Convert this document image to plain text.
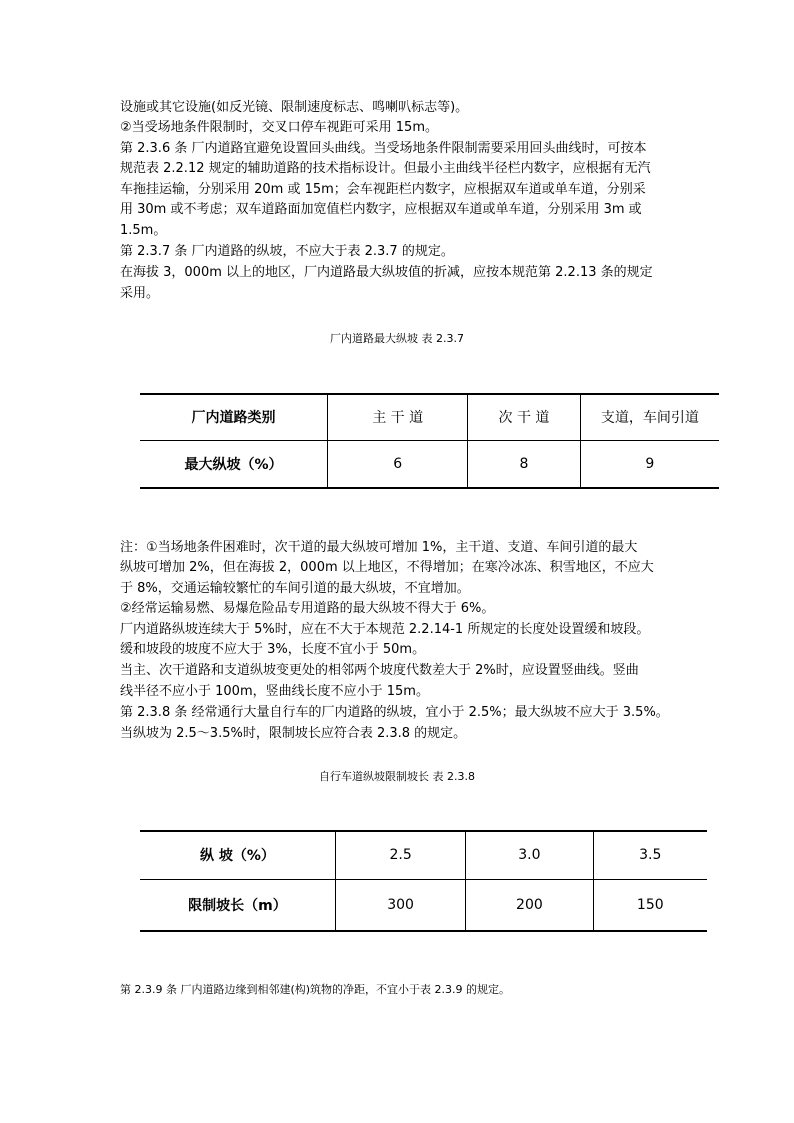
设施或其它设施(如反光镜、限制速度标志、鸣喇叭标志等)。
②当受场地条件限制时，交叉口停车视距可采用 15m。
第 2.3.6 条 厂内道路宜避免设置回头曲线。当受场地条件限制需要采用回头曲线时，可按本
规范表 2.2.12 规定的辅助道路的技术指标设计。但最小主曲线半径栏内数字，应根据有无汽
车拖挂运输，分别采用 20m 或 15m；会车视距栏内数字，应根据双车道或单车道，分别采
用 30m 或不考虑；双车道路面加宽值栏内数字，应根据双车道或单车道，分别采用 3m 或
1.5m。
第 2.3.7 条 厂内道路的纵坡，不应大于表 2.3.7 的规定。
在海拔 3，000m 以上的地区，厂内道路最大纵坡值的折减，应按本规范第 2.2.13 条的规定
采用。
厂内道路最大纵坡 表 2.3.7
厂内道路类别	主 干 道	次 干 道	支道，车间引道
最大纵坡（%）	6	8	9
注：①当场地条件困难时，次干道的最大纵坡可增加 1%，主干道、支道、车间引道的最大
纵坡可增加 2%，但在海拔 2，000m 以上地区，不得增加；在寒冷冰冻、积雪地区，不应大
于 8%，交通运输较繁忙的车间引道的最大纵坡，不宜增加。
②经常运输易燃、易爆危险品专用道路的最大纵坡不得大于 6%。
厂内道路纵坡连续大于 5%时，应在不大于本规范 2.2.14-1 所规定的长度处设置缓和坡段。
缓和坡段的坡度不应大于 3%，长度不宜小于 50m。
当主、次干道路和支道纵坡变更处的相邻两个坡度代数差大于 2%时，应设置竖曲线。竖曲
线半径不应小于 100m，竖曲线长度不应小于 15m。
第 2.3.8 条 经常通行大量自行车的厂内道路的纵坡，宜小于 2.5%；最大纵坡不应大于 3.5%。
当纵坡为 2.5～3.5%时，限制坡长应符合表 2.3.8 的规定。
自行车道纵坡限制坡长 表 2.3.8
纵 坡（%）	2.5	3.0	3.5
限制坡长（m）	300	200	150
第 2.3.9 条 厂内道路边缘到相邻建(构)筑物的净距，不宜小于表 2.3.9 的规定。
